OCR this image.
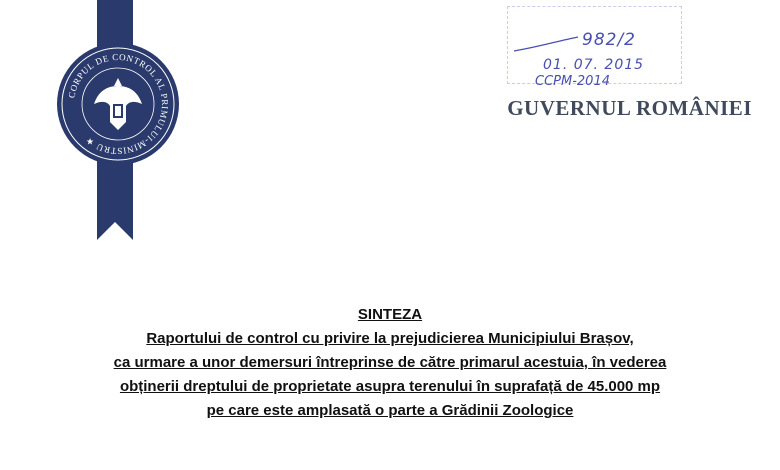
CORPUL DE CONTROL AL PRIMULUI-MINISTRU ★
982/2
01. 07. 2015
CCPM-2014
GUVERNUL ROMÂNIEI
SINTEZA
Raportului de control cu privire la prejudicierea Municipiului Brașov,
ca urmare a unor demersuri întreprinse de către primarul acestuia, în vederea
obținerii dreptului de proprietate asupra terenului în suprafață de 45.000 mp
pe care este amplasată o parte a Grădinii Zoologice
